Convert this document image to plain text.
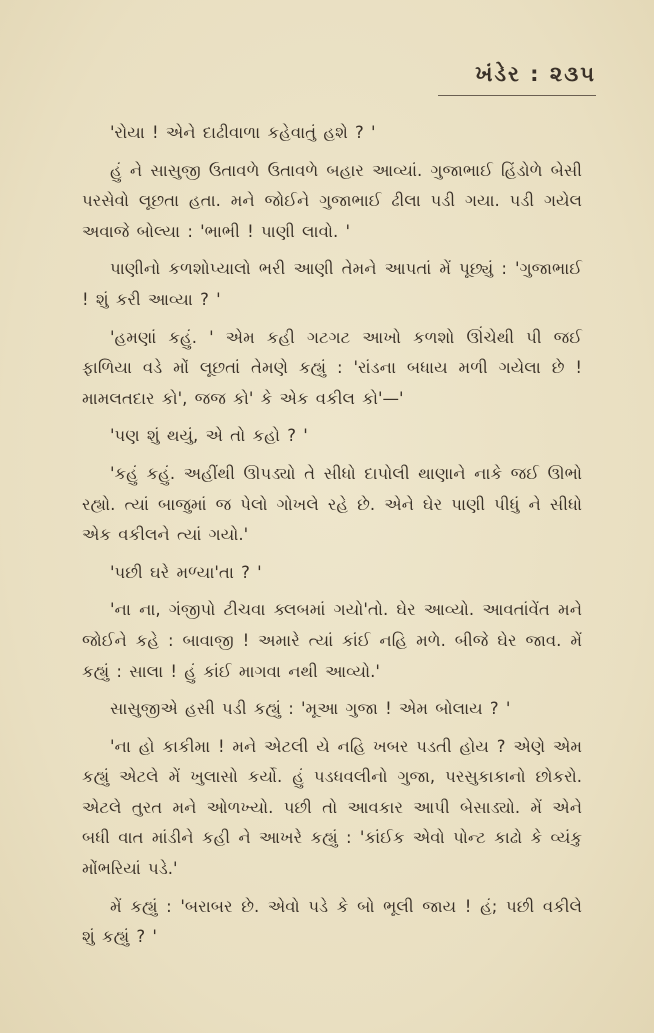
ખંડેર : ૨૩૫

'રોયા ! એને દાઢીવાળા કહેવાતું હશે ? '

હું ને સાસુજી ઉતાવળે ઉતાવળે બહાર આવ્યાં. ગુજાભાઈ હિંડોળે બેસી પરસેવો લૂછતા હતા. મને જોઈને ગુજાભાઈ ઢીલા પડી ગયા. પડી ગયેલ અવાજે બોલ્યા : 'ભાભી ! પાણી લાવો. '

પાણીનો કળશોપ્યાલો ભરી આણી તેમને આપતાં મેં પૂછ્યું : 'ગુજાભાઈ ! શું કરી આવ્યા ? '

'હમણાં કહું. ' એમ કહી ગટગટ આખો કળશો ઊંચેથી પી જઈ ફાળિયા વડે મોં લૂછતાં તેમણે કહ્યું : 'રાંડના બધાય મળી ગયેલા છે ! મામલતદાર કો', જજ કો' કે એક વકીલ કો'—'

'પણ શું થયું, એ તો કહો ? '

'કહું કહું. અહીંથી ઊપડ્યો તે સીધો દાપોલી થાણાને નાકે જઈ ઊભો રહ્યો. ત્યાં બાજુમાં જ પેલો ગોખલે રહે છે. એને ઘેર પાણી પીધું ને સીધો એક વકીલને ત્યાં ગયો.'

'પછી ઘરે મળ્યા'તા ? '

'ના ના, ગંજીપો ટીચવા ક્લબમાં ગયો'તો. ઘેર આવ્યો. આવતાંવેંત મને જોઈને કહે : બાવાજી ! અમારે ત્યાં કાંઈ નહિ મળે. બીજે ઘેર જાવ. મેં કહ્યું : સાલા ! હું કાંઈ માગવા નથી આવ્યો.'

સાસુજીએ હસી પડી કહ્યું : 'મૂઆ ગુજા ! એમ બોલાય ? '

'ના હો કાકીમા ! મને એટલી યે નહિ ખબર પડતી હોય ? એણે એમ કહ્યું એટલે મેં ખુલાસો કર્યો. હું પડધવલીનો ગુજા, પરસુકાકાનો છોકરો. એટલે તુરત મને ઓળખ્યો. પછી તો આવકાર આપી બેસાડ્યો. મેં એને બધી વાત માંડીને કહી ને આખરે કહ્યું : 'કાંઈક એવો પોન્ટ કાઢો કે વ્યંકુ મોંભરિયાં પડે.'

મેં કહ્યું : 'બરાબર છે. એવો પડે કે બો ભૂલી જાય ! હં; પછી વકીલે શું કહ્યું ? '
